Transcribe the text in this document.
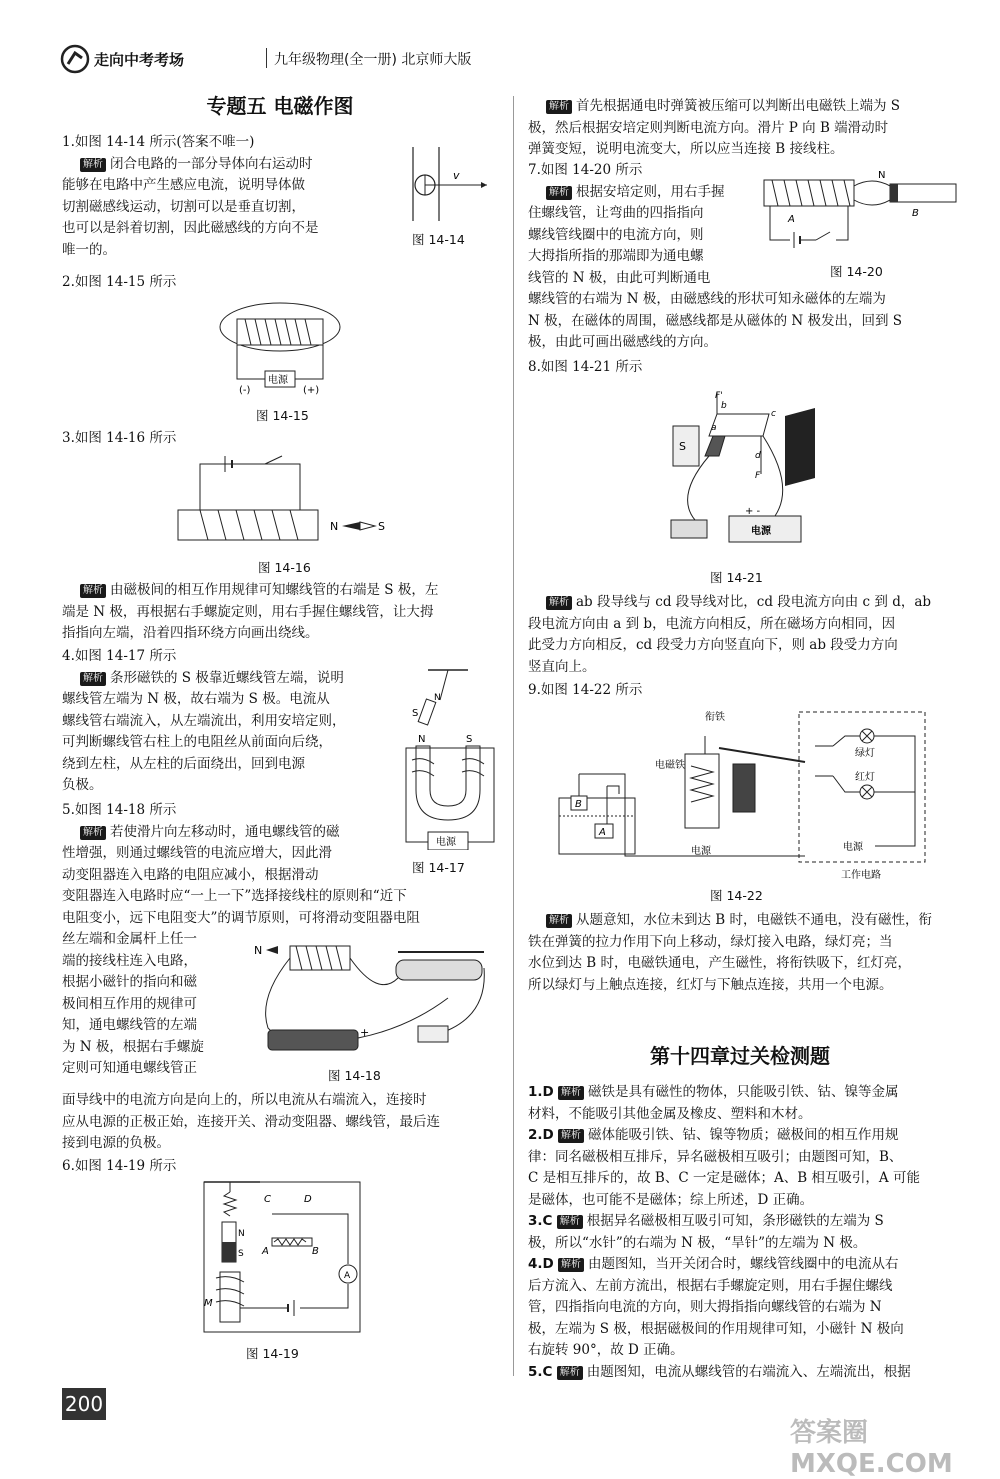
走向中考考场	九年级物理(全一册) 北京师大版
专题五 电磁作图

1.如图 14-14 所示(答案不唯一)

解析 闭合电路的一部分导体向右运动时

能够在电路中产生感应电流，说明导体做

切割磁感线运动，切割可以是垂直切割，

也可以是斜着切割，因此磁感线的方向不是

唯一的。

v
图 14-14

2.如图 14-15 所示

电源
(-)	(+)
图 14-15

3.如图 14-16 所示

N	S
图 14-16

解析 由磁极间的相互作用规律可知螺线管的右端是 S 极，左

端是 N 极，再根据右手螺旋定则，用右手握住螺线管，让大拇

指指向左端，沿着四指环绕方向画出绕线。

4.如图 14-17 所示

解析 条形磁铁的 S 极靠近螺线管左端，说明

螺线管左端为 N 极，故右端为 S 极。电流从

螺线管右端流入，从左端流出，利用安培定则，

可判断螺线管右柱上的电阻丝从前面向后绕，

绕到左柱，从左柱的后面绕出，回到电源

负极。

S
N
N	S
电源
图 14-17

5.如图 14-18 所示

解析 若使滑片向左移动时，通电螺线管的磁

性增强，则通过螺线管的电流应增大，因此滑

动变阻器连入电路的电阻应减小，根据滑动

变阻器连入电路时应“一上一下”选择接线柱的原则和“近下

电阻变小，远下电阻变大”的调节原则，可将滑动变阻器电阻

丝左端和金属杆上任一

端的接线柱连入电路，

根据小磁针的指向和磁

极间相互作用的规律可

知，通电螺线管的左端

为 N 极，根据右手螺旋

定则可知通电螺线管正

N
+
图 14-18

面导线中的电流方向是向上的，所以电流从右端流入，连接时

应从电源的正极正始，连接开关、滑动变阻器、螺线管，最后连

接到电源的负极。

6.如图 14-19 所示

N
S
M
C	D
A	B
A
图 14-19

解析 首先根据通电时弹簧被压缩可以判断出电磁铁上端为 S

极，然后根据安培定则判断电流方向。滑片 P 向 B 端滑动时

弹簧变短，说明电流变大，所以应当连接 B 接线柱。

7.如图 14-20 所示

解析 根据安培定则，用右手握

住螺线管，让弯曲的四指指向

螺线管线圈中的电流方向，则

大拇指所指的那端即为通电螺

线管的 N 极，由此可判断通电

A
N
B
图 14-20

螺线管的右端为 N 极，由磁感线的形状可知永磁体的左端为

N 极，在磁体的周围，磁感线都是从磁体的 N 极发出，回到 S

极，由此可画出磁感线的方向。

8.如图 14-21 所示

S
F'
b
a
c
d
F
+ -
电源
图 14-21

解析 ab 段导线与 cd 段导线对比，cd 段电流方向由 c 到 d，ab

段电流方向由 a 到 b，电流方向相反，所在磁场方向相同，因

此受力方向相反，cd 段受力方向竖直向下，则 ab 段受力方向

竖直向上。

9.如图 14-22 所示

电磁铁
衔铁
B
A
电源
绿灯
红灯
电源
工作电路
图 14-22

解析 从题意知，水位未到达 B 时，电磁铁不通电，没有磁性，衔

铁在弹簧的拉力作用下向上移动，绿灯接入电路，绿灯亮；当

水位到达 B 时，电磁铁通电，产生磁性，将衔铁吸下，红灯亮，

所以绿灯与上触点连接，红灯与下触点连接，共用一个电源。

第十四章过关检测题

1.D 解析 磁铁是具有磁性的物体，只能吸引铁、钴、镍等金属

材料，不能吸引其他金属及橡皮、塑料和木材。

2.D 解析 磁体能吸引铁、钴、镍等物质；磁极间的相互作用规

律：同名磁极相互排斥，异名磁极相互吸引；由题图可知，B、

C 是相互排斥的，故 B、C 一定是磁体；A、B 相互吸引，A 可能

是磁体，也可能不是磁体；综上所述，D 正确。

3.C 解析 根据异名磁极相互吸引可知，条形磁铁的左端为 S

极，所以“水针”的右端为 N 极，“旱针”的左端为 N 极。

4.D 解析 由题图知，当开关闭合时，螺线管线圈中的电流从右

后方流入、左前方流出，根据右手螺旋定则，用右手握住螺线

管，四指指向电流的方向，则大拇指指向螺线管的右端为 N

极，左端为 S 极，根据磁极间的作用规律可知，小磁针 N 极向

右旋转 90°，故 D 正确。

5.C 解析 由题图知，电流从螺线管的右端流入、左端流出，根据

200
答案圈 MXQE.COM
